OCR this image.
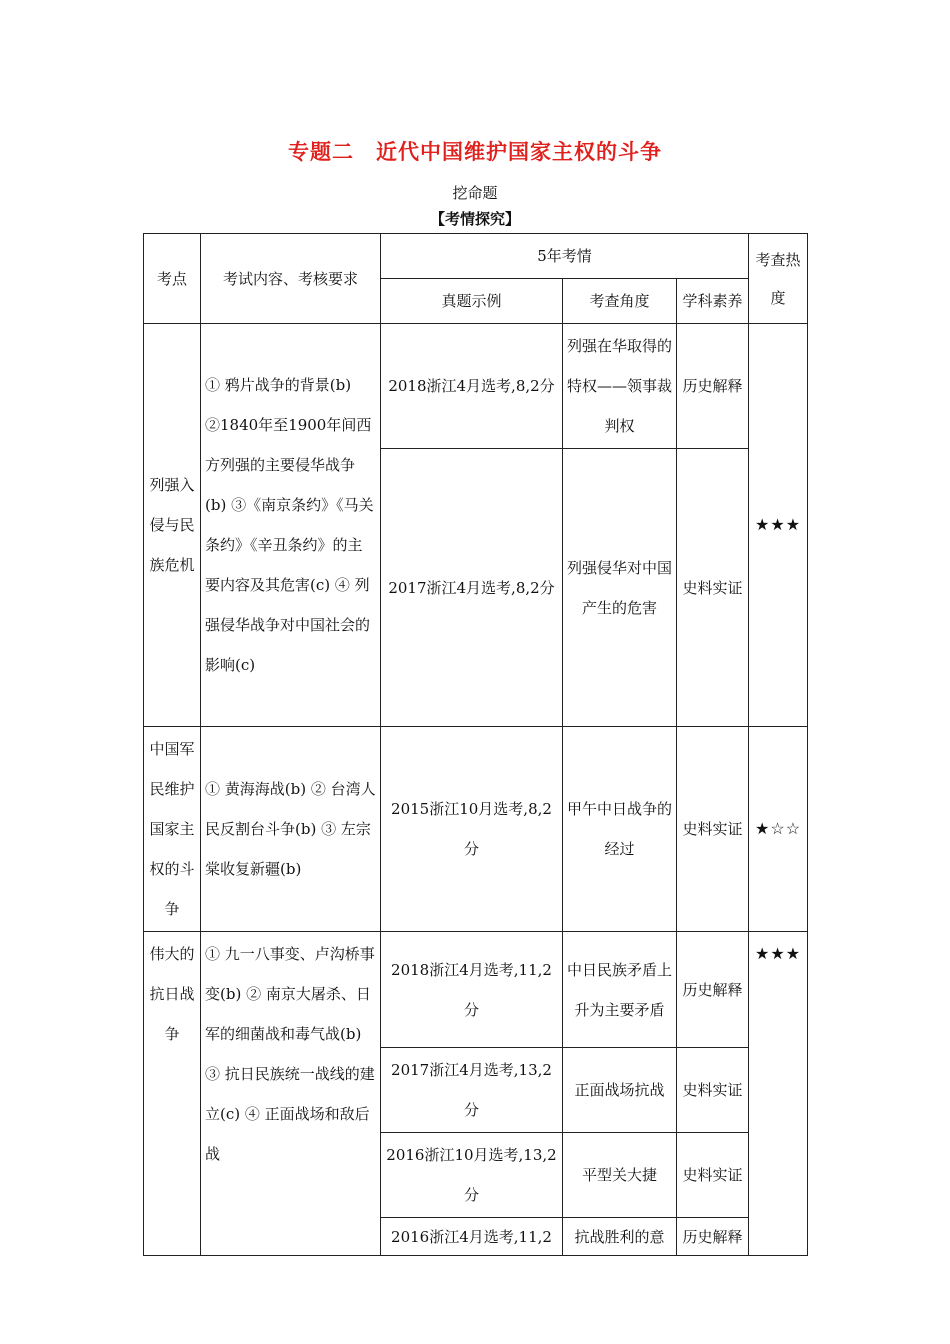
专题二　近代中国维护国家主权的斗争
挖命题
【考情探究】
考点	考试内容、考核要求	5年考情			考查热度
		真题示例	考查角度	学科素养	
列强入侵与民族危机	① 鸦片战争的背景(b) ②1840年至1900年间西方列强的主要侵华战争(b) ③《南京条约》《马关条约》《辛丑条约》的主要内容及其危害(c) ④ 列强侵华战争对中国社会的影响(c)	2018浙江4月选考,8,2分	列强在华取得的特权——领事裁判权	历史解释	★★★
		2017浙江4月选考,8,2分	列强侵华对中国产生的危害	史料实证	
中国军民维护国家主权的斗争	① 黄海海战(b) ② 台湾人民反割台斗争(b) ③ 左宗棠收复新疆(b)	2015浙江10月选考,8,2分	甲午中日战争的经过	史料实证	★☆☆
伟大的抗日战争	① 九一八事变、卢沟桥事变(b) ② 南京大屠杀、日军的细菌战和毒气战(b) ③ 抗日民族统一战线的建立(c) ④ 正面战场和敌后战	2018浙江4月选考,11,2分	中日民族矛盾上升为主要矛盾	历史解释	★★★
		2017浙江4月选考,13,2分	正面战场抗战	史料实证	
		2016浙江10月选考,13,2分	平型关大捷	史料实证	
		2016浙江4月选考,11,2	抗战胜利的意	历史解释	
